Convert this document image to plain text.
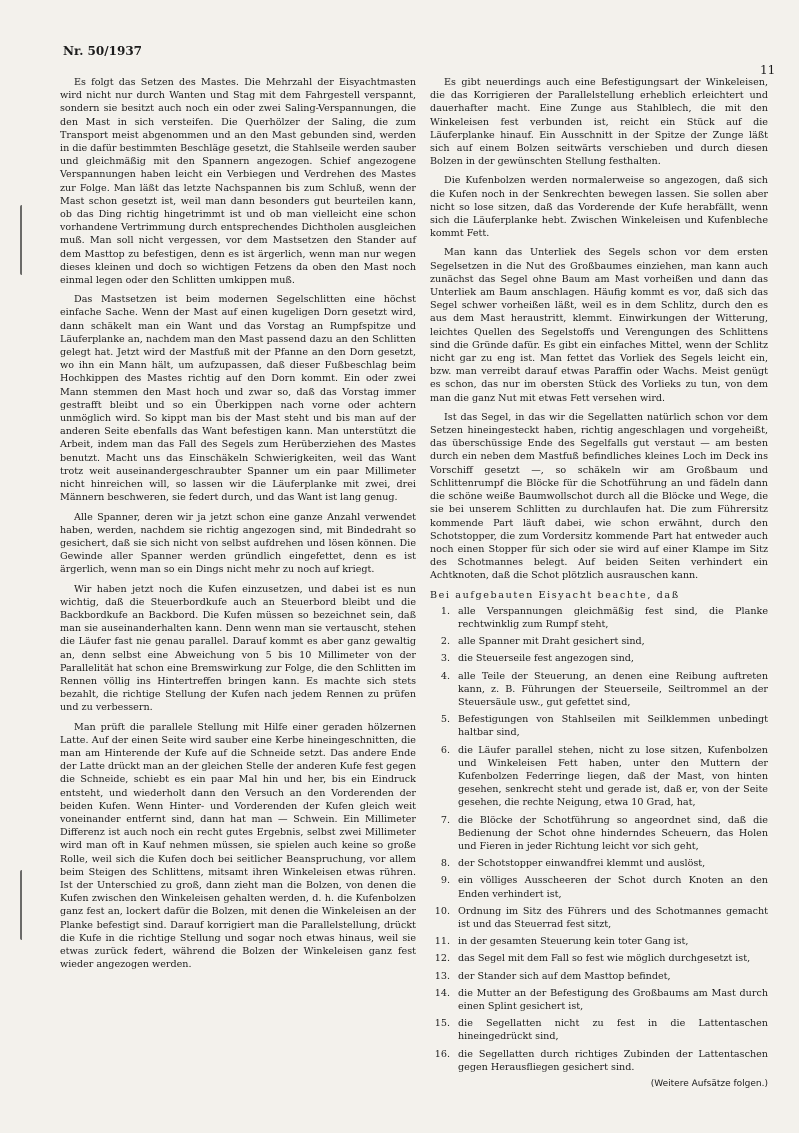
Nr. 50/1937
11

Es folgt das Setzen des Mastes. Die Mehrzahl der Eisyachtmasten wird nicht nur durch Wanten und Stag mit dem Fahrgestell verspannt, sondern sie besitzt auch noch ein oder zwei Saling-Verspannungen, die den Mast in sich versteifen. Die Querhölzer der Saling, die zum Transport meist abgenommen und an den Mast gebunden sind, werden in die dafür bestimmten Beschläge gesetzt, die Stahlseile werden sauber und gleichmäßig mit den Spannern angezogen. Schief angezogene Verspannungen haben leicht ein Verbiegen und Verdrehen des Mastes zur Folge. Man läßt das letzte Nachspannen bis zum Schluß, wenn der Mast schon gesetzt ist, weil man dann besonders gut beurteilen kann, ob das Ding richtig hingetrimmt ist und ob man vielleicht eine schon vorhandene Vertrimmung durch entsprechendes Dichtholen ausgleichen muß. Man soll nicht vergessen, vor dem Mastsetzen den Stander auf dem Masttop zu befestigen, denn es ist ärgerlich, wenn man nur wegen dieses kleinen und doch so wichtigen Fetzens da oben den Mast noch einmal legen oder den Schlitten umkippen muß.

Das Mastsetzen ist beim modernen Segelschlitten eine höchst einfache Sache. Wenn der Mast auf einen kugeligen Dorn gesetzt wird, dann schäkelt man ein Want und das Vorstag an Rumpfspitze und Läuferplanke an, nachdem man den Mast passend dazu an den Schlitten gelegt hat. Jetzt wird der Mastfuß mit der Pfanne an den Dorn gesetzt, wo ihn ein Mann hält, um aufzupassen, daß dieser Fußbeschlag beim Hochkippen des Mastes richtig auf den Dorn kommt. Ein oder zwei Mann stemmen den Mast hoch und zwar so, daß das Vorstag immer gestrafft bleibt und so ein Überkippen nach vorne oder achtern unmöglich wird. So kippt man bis der Mast steht und bis man auf der anderen Seite ebenfalls das Want befestigen kann. Man unterstützt die Arbeit, indem man das Fall des Segels zum Herüberziehen des Mastes benutzt. Macht uns das Einschäkeln Schwierigkeiten, weil das Want trotz weit auseinandergeschraubter Spanner um ein paar Millimeter nicht hinreichen will, so lassen wir die Läuferplanke mit zwei, drei Männern beschweren, sie federt durch, und das Want ist lang genug.

Alle Spanner, deren wir ja jetzt schon eine ganze Anzahl verwendet haben, werden, nachdem sie richtig angezogen sind, mit Bindedraht so gesichert, daß sie sich nicht von selbst aufdrehen und lösen können. Die Gewinde aller Spanner werden gründlich eingefettet, denn es ist ärgerlich, wenn man so ein Dings nicht mehr zu noch auf kriegt.

Wir haben jetzt noch die Kufen einzusetzen, und dabei ist es nun wichtig, daß die Steuerbordkufe auch an Steuerbord bleibt und die Backbordkufe an Backbord. Die Kufen müssen so bezeichnet sein, daß man sie auseinanderhalten kann. Denn wenn man sie vertauscht, stehen die Läufer fast nie genau parallel. Darauf kommt es aber ganz gewaltig an, denn selbst eine Abweichung von 5 bis 10 Millimeter von der Parallelität hat schon eine Bremswirkung zur Folge, die den Schlitten im Rennen völlig ins Hintertreffen bringen kann. Es machte sich stets bezahlt, die richtige Stellung der Kufen nach jedem Rennen zu prüfen und zu verbessern.

Man prüft die parallele Stellung mit Hilfe einer geraden hölzernen Latte. Auf der einen Seite wird sauber eine Kerbe hineingeschnitten, die man am Hinterende der Kufe auf die Schneide setzt. Das andere Ende der Latte drückt man an der gleichen Stelle der anderen Kufe fest gegen die Schneide, schiebt es ein paar Mal hin und her, bis ein Eindruck entsteht, und wiederholt dann den Versuch an den Vorderenden der beiden Kufen. Wenn Hinter- und Vorderenden der Kufen gleich weit voneinander entfernt sind, dann hat man — Schwein. Ein Millimeter Differenz ist auch noch ein recht gutes Ergebnis, selbst zwei Millimeter wird man oft in Kauf nehmen müssen, sie spielen auch keine so große Rolle, weil sich die Kufen doch bei seitlicher Beanspruchung, vor allem beim Steigen des Schlittens, mitsamt ihren Winkeleisen etwas rühren. Ist der Unterschied zu groß, dann zieht man die Bolzen, von denen die Kufen zwischen den Winkeleisen gehalten werden, d. h. die Kufenbolzen ganz fest an, lockert dafür die Bolzen, mit denen die Winkeleisen an der Planke befestigt sind. Darauf korrigiert man die Parallelstellung, drückt die Kufe in die richtige Stellung und sogar noch etwas hinaus, weil sie etwas zurück federt, während die Bolzen der Winkeleisen ganz fest wieder angezogen werden.

Es gibt neuerdings auch eine Befestigungsart der Winkeleisen, die das Korrigieren der Parallelstellung erheblich erleichtert und dauerhafter macht. Eine Zunge aus Stahlblech, die mit den Winkeleisen fest verbunden ist, reicht ein Stück auf die Läuferplanke hinauf. Ein Ausschnitt in der Spitze der Zunge läßt sich auf einem Bolzen seitwärts verschieben und durch diesen Bolzen in der gewünschten Stellung festhalten.

Die Kufenbolzen werden normalerweise so angezogen, daß sich die Kufen noch in der Senkrechten bewegen lassen. Sie sollen aber nicht so lose sitzen, daß das Vorderende der Kufe herabfällt, wenn sich die Läuferplanke hebt. Zwischen Winkeleisen und Kufenbleche kommt Fett.

Man kann das Unterliek des Segels schon vor dem ersten Segelsetzen in die Nut des Großbaumes einziehen, man kann auch zunächst das Segel ohne Baum am Mast vorheißen und dann das Unterliek am Baum anschlagen. Häufig kommt es vor, daß sich das Segel schwer vorheißen läßt, weil es in dem Schlitz, durch den es aus dem Mast heraustritt, klemmt. Einwirkungen der Witterung, leichtes Quellen des Segelstoffs und Verengungen des Schlittens sind die Gründe dafür. Es gibt ein einfaches Mittel, wenn der Schlitz nicht gar zu eng ist. Man fettet das Vorliek des Segels leicht ein, bzw. man verreibt darauf etwas Paraffin oder Wachs. Meist genügt es schon, das nur im obersten Stück des Vorlieks zu tun, von dem man die ganz Nut mit etwas Fett versehen wird.

Ist das Segel, in das wir die Segellatten natürlich schon vor dem Setzen hineingesteckt haben, richtig angeschlagen und vorgeheißt, das überschüssige Ende des Segelfalls gut verstaut — am besten durch ein neben dem Mastfuß befindliches kleines Loch im Deck ins Vorschiff gesetzt —, so schäkeln wir am Großbaum und Schlittenrumpf die Blöcke für die Schotführung an und fädeln dann die schöne weiße Baumwollschot durch all die Blöcke und Wege, die sie bei unserem Schlitten zu durchlaufen hat. Die zum Führersitz kommende Part läuft dabei, wie schon erwähnt, durch den Schotstopper, die zum Vordersitz kommende Part hat entweder auch noch einen Stopper für sich oder sie wird auf einer Klampe im Sitz des Schotmannes belegt. Auf beiden Seiten verhindert ein Achtknoten, daß die Schot plötzlich ausrauschen kann.

Bei aufgebauten Eisyacht beachte, daß

1. alle Verspannungen gleichmäßig fest sind, die Planke rechtwinklig zum Rumpf steht,
2. alle Spanner mit Draht gesichert sind,
3. die Steuerseile fest angezogen sind,
4. alle Teile der Steuerung, an denen eine Reibung auftreten kann, z. B. Führungen der Steuerseile, Seiltrommel an der Steuersäule usw., gut gefettet sind,
5. Befestigungen von Stahlseilen mit Seilklemmen unbedingt haltbar sind,
6. die Läufer parallel stehen, nicht zu lose sitzen, Kufenbolzen und Winkeleisen Fett haben, unter den Muttern der Kufenbolzen Federringe liegen, daß der Mast, von hinten gesehen, senkrecht steht und gerade ist, daß er, von der Seite gesehen, die rechte Neigung, etwa 10 Grad, hat,
7. die Blöcke der Schotführung so angeordnet sind, daß die Bedienung der Schot ohne hinderndes Scheuern, das Holen und Fieren in jeder Richtung leicht vor sich geht,
8. der Schotstopper einwandfrei klemmt und auslöst,
9. ein völliges Ausscheeren der Schot durch Knoten an den Enden verhindert ist,
10. Ordnung im Sitz des Führers und des Schotmannes gemacht ist und das Steuerrad fest sitzt,
11. in der gesamten Steuerung kein toter Gang ist,
12. das Segel mit dem Fall so fest wie möglich durchgesetzt ist,
13. der Stander sich auf dem Masttop befindet,
14. die Mutter an der Befestigung des Großbaums am Mast durch einen Splint gesichert ist,
15. die Segellatten nicht zu fest in die Lattentaschen hineingedrückt sind,
16. die Segellatten durch richtiges Zubinden der Lattentaschen gegen Herausfliegen gesichert sind.
(Weitere Aufsätze folgen.)
